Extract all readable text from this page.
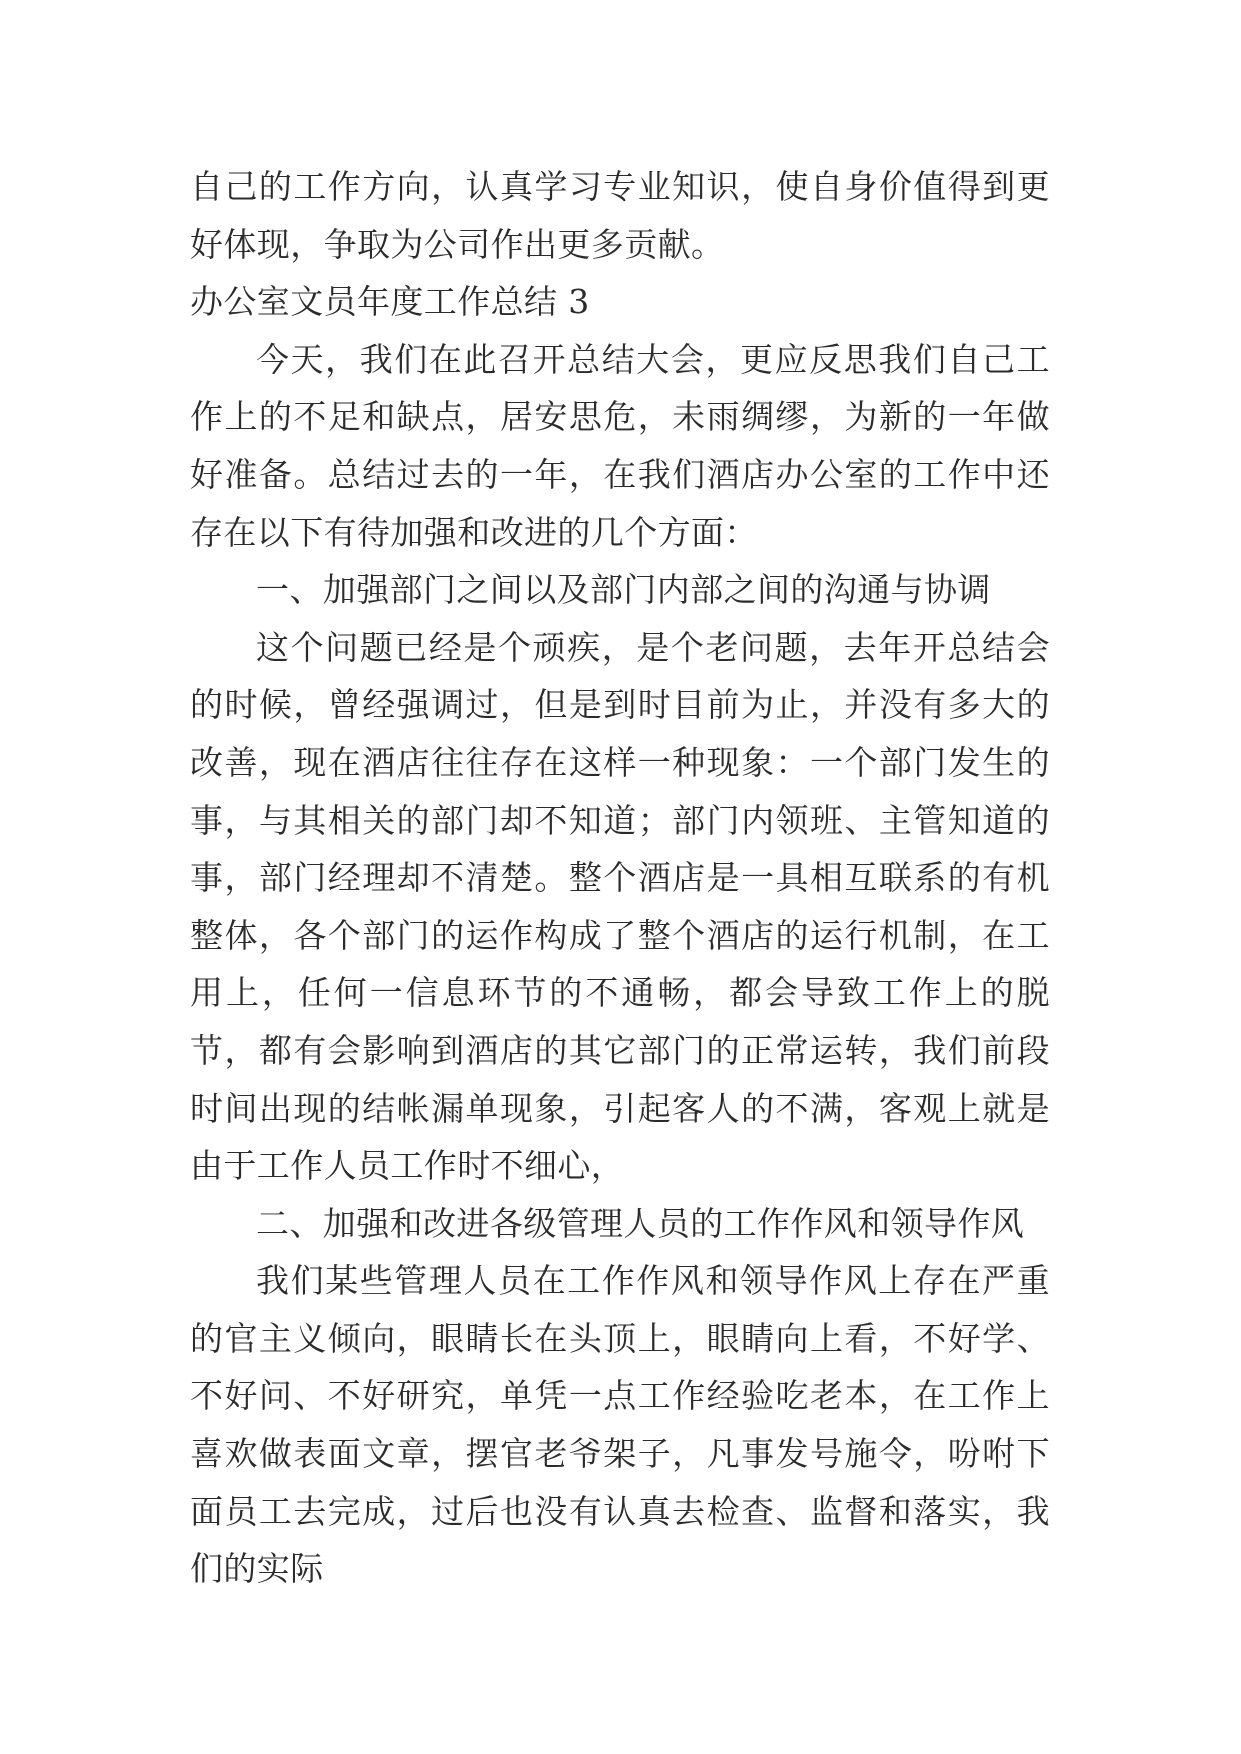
自己的工作方向，认真学习专业知识，使自身价值得到更好体现，争取为公司作出更多贡献。

办公室文员年度工作总结 3

今天，我们在此召开总结大会，更应反思我们自己工作上的不足和缺点，居安思危，未雨绸缪，为新的一年做好准备。总结过去的一年，在我们酒店办公室的工作中还存在以下有待加强和改进的几个方面：

一、加强部门之间以及部门内部之间的沟通与协调

这个问题已经是个顽疾，是个老问题，去年开总结会的时候，曾经强调过，但是到时目前为止，并没有多大的改善，现在酒店往往存在这样一种现象：一个部门发生的事，与其相关的部门却不知道；部门内领班、主管知道的事，部门经理却不清楚。整个酒店是一具相互联系的有机整体，各个部门的运作构成了整个酒店的运行机制，在工用上，任何一信息环节的不通畅，都会导致工作上的脱节，都有会影响到酒店的其它部门的正常运转，我们前段时间出现的结帐漏单现象，引起客人的不满，客观上就是由于工作人员工作时不细心，

二、加强和改进各级管理人员的工作作风和领导作风

我们某些管理人员在工作作风和领导作风上存在严重的官主义倾向，眼睛长在头顶上，眼睛向上看，不好学、不好问、不好研究，单凭一点工作经验吃老本，在工作上喜欢做表面文章，摆官老爷架子，凡事发号施令，吩咐下面员工去完成，过后也没有认真去检查、监督和落实，我们的实际
